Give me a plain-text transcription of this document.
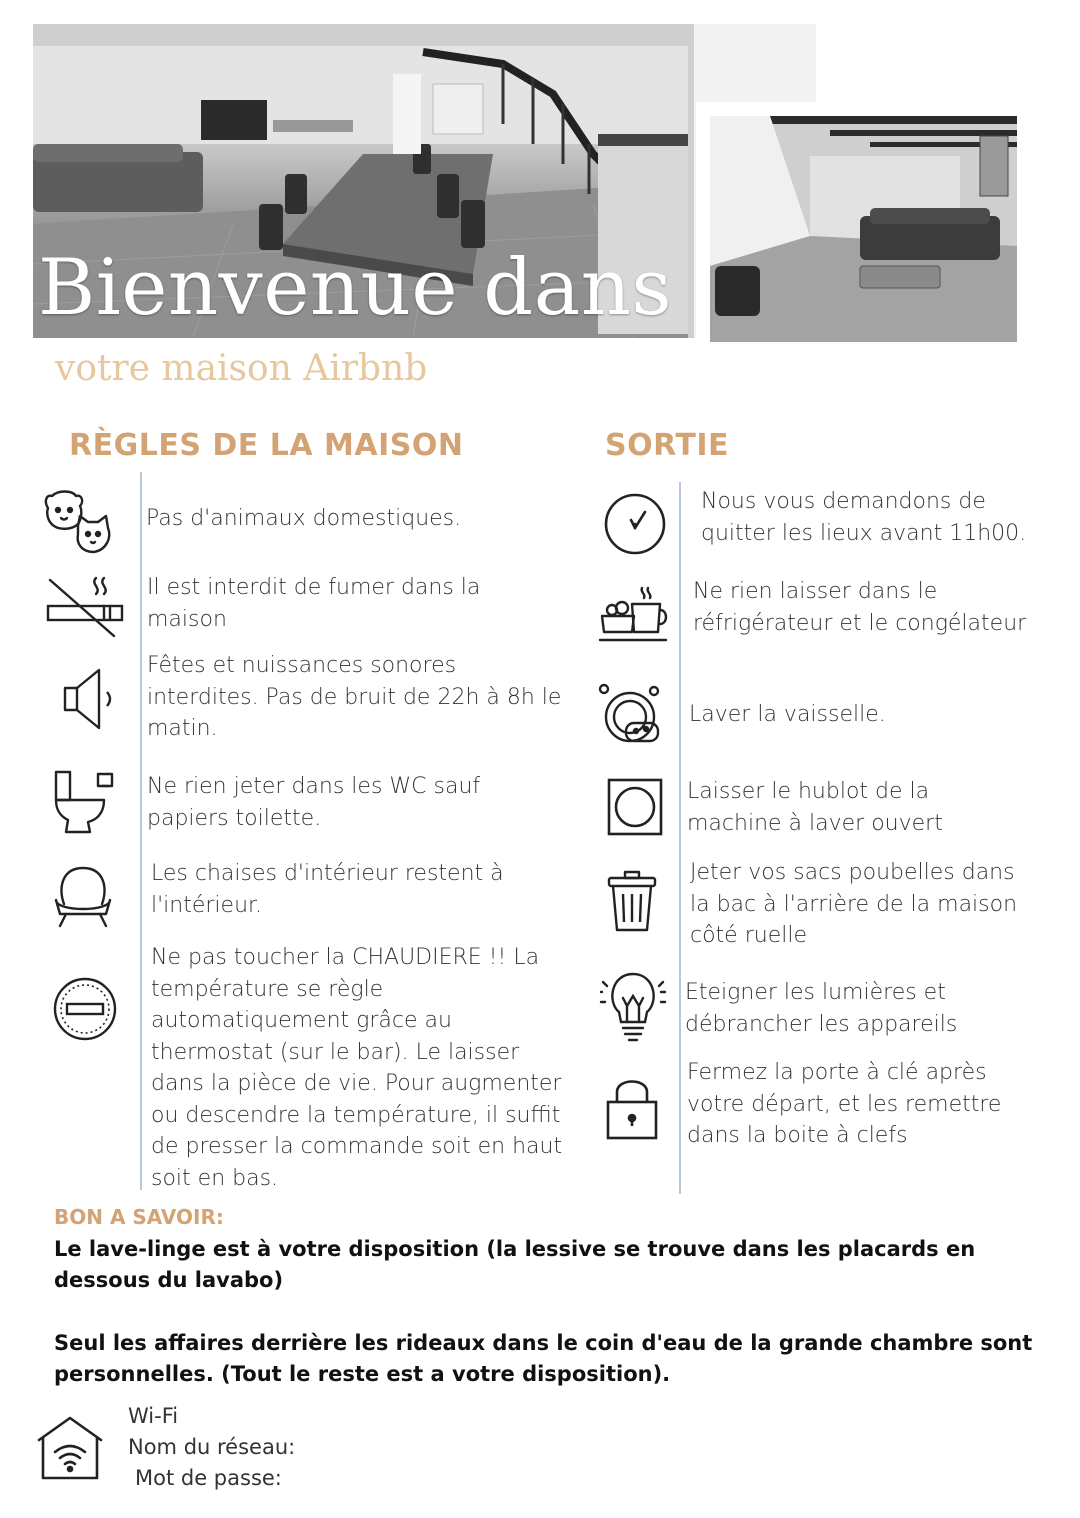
Bienvenue dans
votre maison Airbnb
RÈGLES DE LA MAISON	SORTIE
Pas d'animaux domestiques.
Il est interdit de fumer dans la maison
Fêtes et nuissances sonores interdites. Pas de bruit de 22h à 8h le matin.
Ne rien jeter dans les WC sauf papiers toilette.
Les chaises d'intérieur restent à l'intérieur.
Ne pas toucher la CHAUDIERE !! La température se règle automatiquement grâce au thermostat (sur le bar). Le laisser dans la pièce de vie. Pour augmenter ou descendre la température, il suffit de presser la commande soit en haut soit en bas.
Nous vous demandons de quitter les lieux avant 11h00.
Ne rien laisser dans le réfrigérateur et le congélateur
Laver la vaisselle.
Laisser le hublot de la machine à laver ouvert
Jeter vos sacs poubelles dans la bac à l'arrière de la maison côté ruelle
Eteigner les lumières et débrancher les appareils
Fermez la porte à clé après votre départ, et les remettre dans la boite à clefs
BON A SAVOIR:
Le lave-linge est à votre disposition (la lessive se trouve dans les placards en dessous du lavabo)
Seul les affaires derrière les rideaux dans le coin d'eau de la grande chambre sont personnelles. (Tout le reste est a votre disposition).
Wi-Fi
Nom du réseau:
Mot de passe:
